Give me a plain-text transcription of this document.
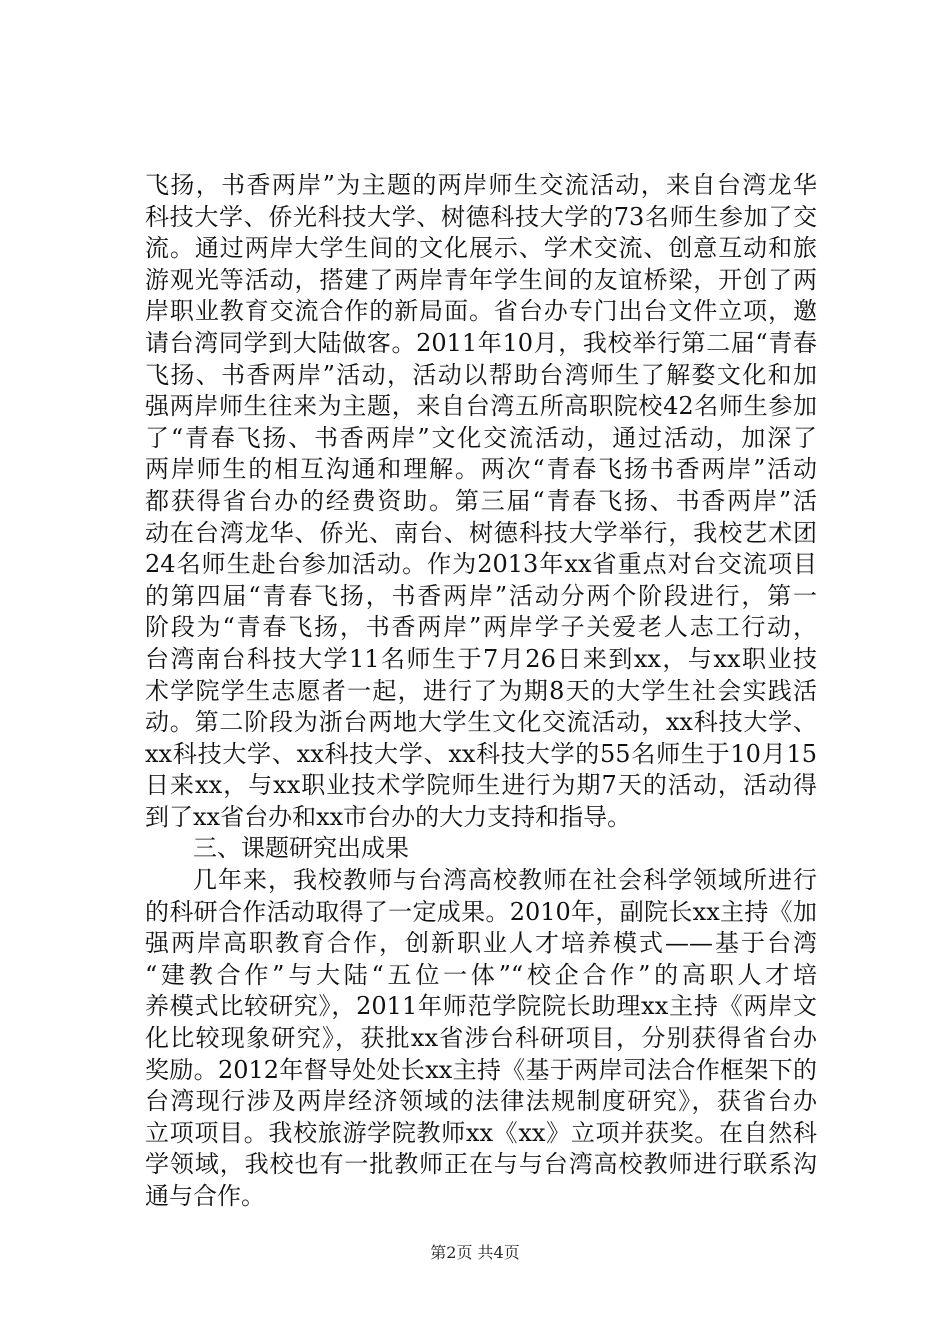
飞扬，书香两岸”为主题的两岸师生交流活动，来自台湾龙华
科技大学、侨光科技大学、树德科技大学的73名师生参加了交
流。通过两岸大学生间的文化展示、学术交流、创意互动和旅
游观光等活动，搭建了两岸青年学生间的友谊桥梁，开创了两
岸职业教育交流合作的新局面。省台办专门出台文件立项，邀
请台湾同学到大陆做客。2011年10月，我校举行第二届“青春
飞扬、书香两岸”活动，活动以帮助台湾师生了解婺文化和加
强两岸师生往来为主题，来自台湾五所高职院校42名师生参加
了“青春飞扬、书香两岸”文化交流活动，通过活动，加深了
两岸师生的相互沟通和理解。两次“青春飞扬书香两岸”活动
都获得省台办的经费资助。第三届“青春飞扬、书香两岸”活
动在台湾龙华、侨光、南台、树德科技大学举行，我校艺术团
24名师生赴台参加活动。作为2013年xx省重点对台交流项目
的第四届“青春飞扬，书香两岸”活动分两个阶段进行，第一
阶段为“青春飞扬，书香两岸”两岸学子关爱老人志工行动，
台湾南台科技大学11名师生于7月26日来到xx，与xx职业技
术学院学生志愿者一起，进行了为期8天的大学生社会实践活
动。第二阶段为浙台两地大学生文化交流活动，xx科技大学、
xx科技大学、xx科技大学、xx科技大学的55名师生于10月15
日来xx，与xx职业技术学院师生进行为期7天的活动，活动得
到了xx省台办和xx市台办的大力支持和指导。
三、课题研究出成果
几年来，我校教师与台湾高校教师在社会科学领域所进行
的科研合作活动取得了一定成果。2010年，副院长xx主持《加
强两岸高职教育合作，创新职业人才培养模式——基于台湾
“建教合作”与大陆“五位一体”“校企合作”的高职人才培
养模式比较研究》，2011年师范学院院长助理xx主持《两岸文
化比较现象研究》，获批xx省涉台科研项目，分别获得省台办
奖励。2012年督导处处长xx主持《基于两岸司法合作框架下的
台湾现行涉及两岸经济领域的法律法规制度研究》，获省台办
立项项目。我校旅游学院教师xx《xx》立项并获奖。在自然科
学领域，我校也有一批教师正在与与台湾高校教师进行联系沟
通与合作。
第2页 共4页
